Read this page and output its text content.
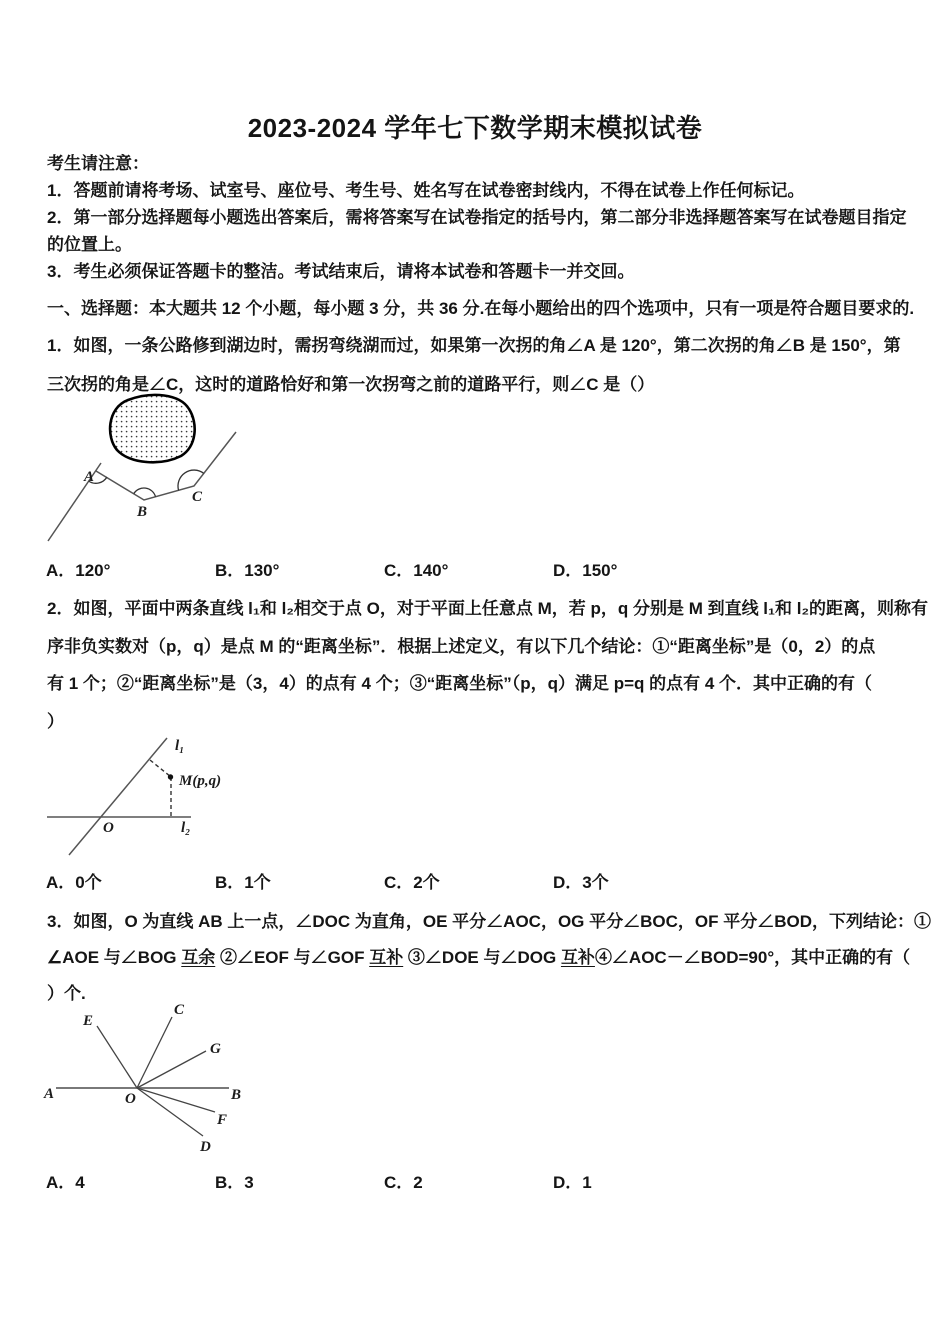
2023-2024 学年七下数学期末模拟试卷
考生请注意：
1．答题前请将考场、试室号、座位号、考生号、姓名写在试卷密封线内，不得在试卷上作任何标记。
2．第一部分选择题每小题选出答案后，需将答案写在试卷指定的括号内，第二部分非选择题答案写在试卷题目指定
的位置上。
3．考生必须保证答题卡的整洁。考试结束后，请将本试卷和答题卡一并交回。
一、选择题：本大题共 12 个小题，每小题 3 分，共 36 分.在每小题给出的四个选项中，只有一项是符合题目要求的.
1．如图，一条公路修到湖边时，需拐弯绕湖而过，如果第一次拐的角∠A 是 120°，第二次拐的角∠B 是 150°，第
三次拐的角是∠C，这时的道路恰好和第一次拐弯之前的道路平行，则∠C 是（）
A
B
C
A．120°	B．130°	C．140°	D．150°
2．如图，平面中两条直线 l₁和 l₂相交于点 O，对于平面上任意点 M，若 p，q 分别是 M 到直线 l₁和 l₂的距离，则称有
序非负实数对（p，q）是点 M 的“距离坐标”．根据上述定义，有以下几个结论：①“距离坐标”是（0，2）的点
有 1 个；②“距离坐标”是（3，4）的点有 4 个；③“距离坐标”（p，q）满足 p=q 的点有 4 个．其中正确的有（
）
l₁
l₂
O
M(p,q)
A．0个	B．1个	C．2个	D．3个
3．如图，O 为直线 AB 上一点，∠DOC 为直角，OE 平分∠AOC，OG 平分∠BOC，OF 平分∠BOD，下列结论：①
∠AOE 与∠BOG 互余 ②∠EOF 与∠GOF 互补 ③∠DOE 与∠DOG 互补④∠AOC－∠BOD=90°，其中正确的有（
）个.
A	B
O
E
C
G
F
D
A．4	B．3	C．2	D．1
